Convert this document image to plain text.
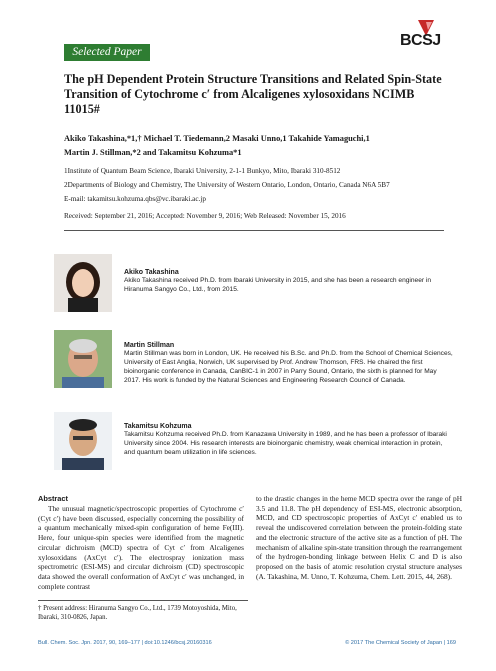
Selected Paper
BCSJ
The pH Dependent Protein Structure Transitions and Related Spin-State Transition of Cytochrome c′ from Alcaligenes xylosoxidans NCIMB 11015#
Akiko Takashina,*1,† Michael T. Tiedemann,2 Masaki Unno,1 Takahide Yamaguchi,1
Martin J. Stillman,*2 and Takamitsu Kohzuma*1
1Institute of Quantum Beam Science, Ibaraki University, 2-1-1 Bunkyo, Mito, Ibaraki 310-8512
2Departments of Biology and Chemistry, The University of Western Ontario, London, Ontario, Canada N6A 5B7
E-mail: takamitsu.kohzuma.qbs@vc.ibaraki.ac.jp
Received: September 21, 2016; Accepted: November 9, 2016; Web Released: November 15, 2016
Akiko Takashina
Akiko Takashina received Ph.D. from Ibaraki University in 2015, and she has been a research engineer in Hiranuma Sangyo Co., Ltd., from 2015.
Martin Stillman
Martin Stillman was born in London, UK. He received his B.Sc. and Ph.D. from the School of Chemical Sciences, University of East Anglia, Norwich, UK supervised by Prof. Andrew Thomson, FRS. He chaired the first bioinorganic conference in Canada, CanBIC-1 in 2007 in Parry Sound, Ontario, the sixth is planned for May 2017. His work is funded by the Natural Sciences and Engineering Research Council of Canada.
Takamitsu Kohzuma
Takamitsu Kohzuma received Ph.D. from Kanazawa University in 1989, and he has been a professor of Ibaraki University since 2004. His research interests are bioinorganic chemistry, weak chemical interaction in protein, and quantum beam utilization in life sciences.
Abstract
The unusual magnetic/spectroscopic properties of Cytochrome c′ (Cyt c′) have been discussed, especially concerning the possibility of a quantum mechanically mixed-spin configuration of heme Fe(III). Here, four unique-spin species were identified from the magnetic circular dichroism (MCD) spectra of Cyt c′ from Alcaligenes xylosoxidans (AxCyt c′). The electrospray ionization mass spectrometric (ESI-MS) and circular dichroism (CD) spectroscopic data showed the overall conformation of AxCyt c′ was unchanged, in complete contrast
to the drastic changes in the heme MCD spectra over the range of pH 3.5 and 11.8. The pH dependency of ESI-MS, electronic absorption, MCD, and CD spectroscopic properties of AxCyt c′ enabled us to reveal the undiscovered correlation between the protein-folding state and the electronic structure of the active site as a function of pH. The mechanism of alkaline spin-state transition through the rearrangement of the hydrogen-bonding linkage between Helix C and D is also proposed on the basis of atomic resolution crystal structure analyses (A. Takashina, M. Unno, T. Kohzuma, Chem. Lett. 2015, 44, 268).
† Present address: Hiranuma Sangyo Co., Ltd., 1739 Motoyoshida, Mito, Ibaraki, 310-0826, Japan.
Bull. Chem. Soc. Jpn. 2017, 90, 169–177 | doi:10.1246/bcsj.20160316	© 2017 The Chemical Society of Japan | 169
